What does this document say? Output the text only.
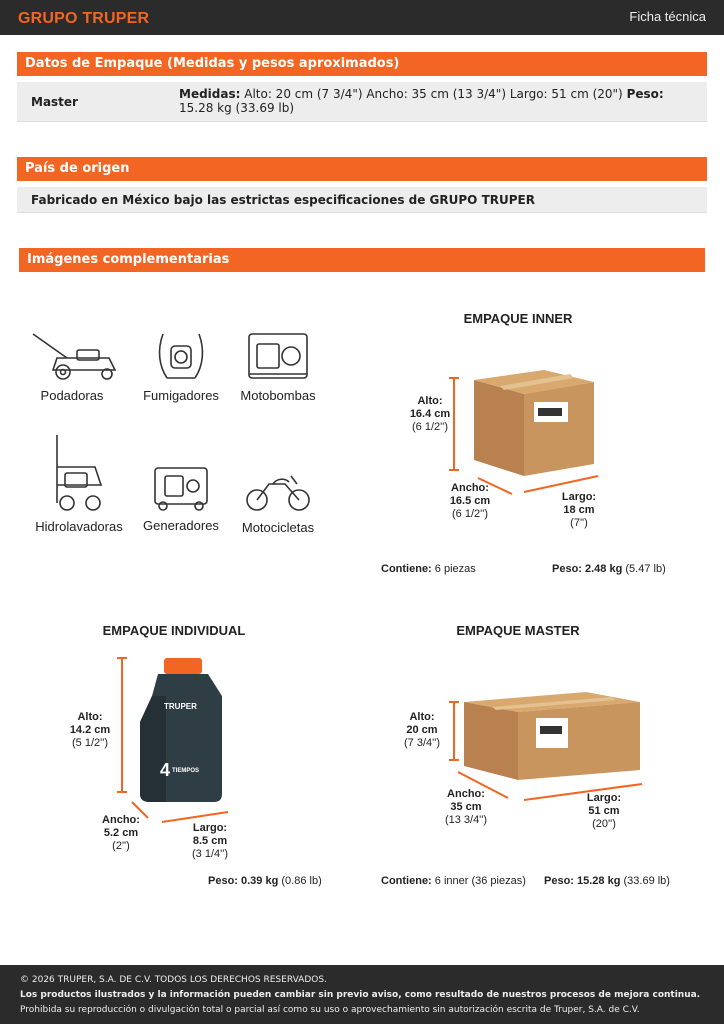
GRUPO TRUPER	Ficha técnica
Datos de Empaque (Medidas y pesos aproximados)
Master
Medidas: Alto: 20 cm (7 3/4") Ancho: 35 cm (13 3/4") Largo: 51 cm (20") Peso: 15.28 kg (33.69 lb)
País de origen
Fabricado en México bajo las estrictas especificaciones de GRUPO TRUPER
Imágenes complementarias
Podadoras	Fumigadores	Motobombas
Hidrolavadoras	Generadores	Motocicletas
EMPAQUE INNER
Alto:
16.4 cm
(6 1/2'')
Ancho:
16.5 cm
(6 1/2'')
Largo:
18 cm
(7'')
Contiene: 6 piezas	Peso: 2.48 kg (5.47 lb)
EMPAQUE INDIVIDUAL
TRUPER
4 TIEMPOS
Alto:
14.2 cm
(5 1/2'')
Ancho:
5.2 cm
(2'')
Largo:
8.5 cm
(3 1/4'')
Peso: 0.39 kg (0.86 lb)
EMPAQUE MASTER
Alto:
20 cm
(7 3/4'')
Ancho:
35 cm
(13 3/4'')
Largo:
51 cm
(20'')
Contiene: 6 inner (36 piezas) Peso: 15.28 kg (33.69 lb)
© 2026 TRUPER, S.A. DE C.V. TODOS LOS DERECHOS RESERVADOS.
Los productos ilustrados y la información pueden cambiar sin previo aviso, como resultado de nuestros procesos de mejora continua.
Prohibida su reproducción o divulgación total o parcial así como su uso o aprovechamiento sin autorización escrita de Truper, S.A. de C.V.
